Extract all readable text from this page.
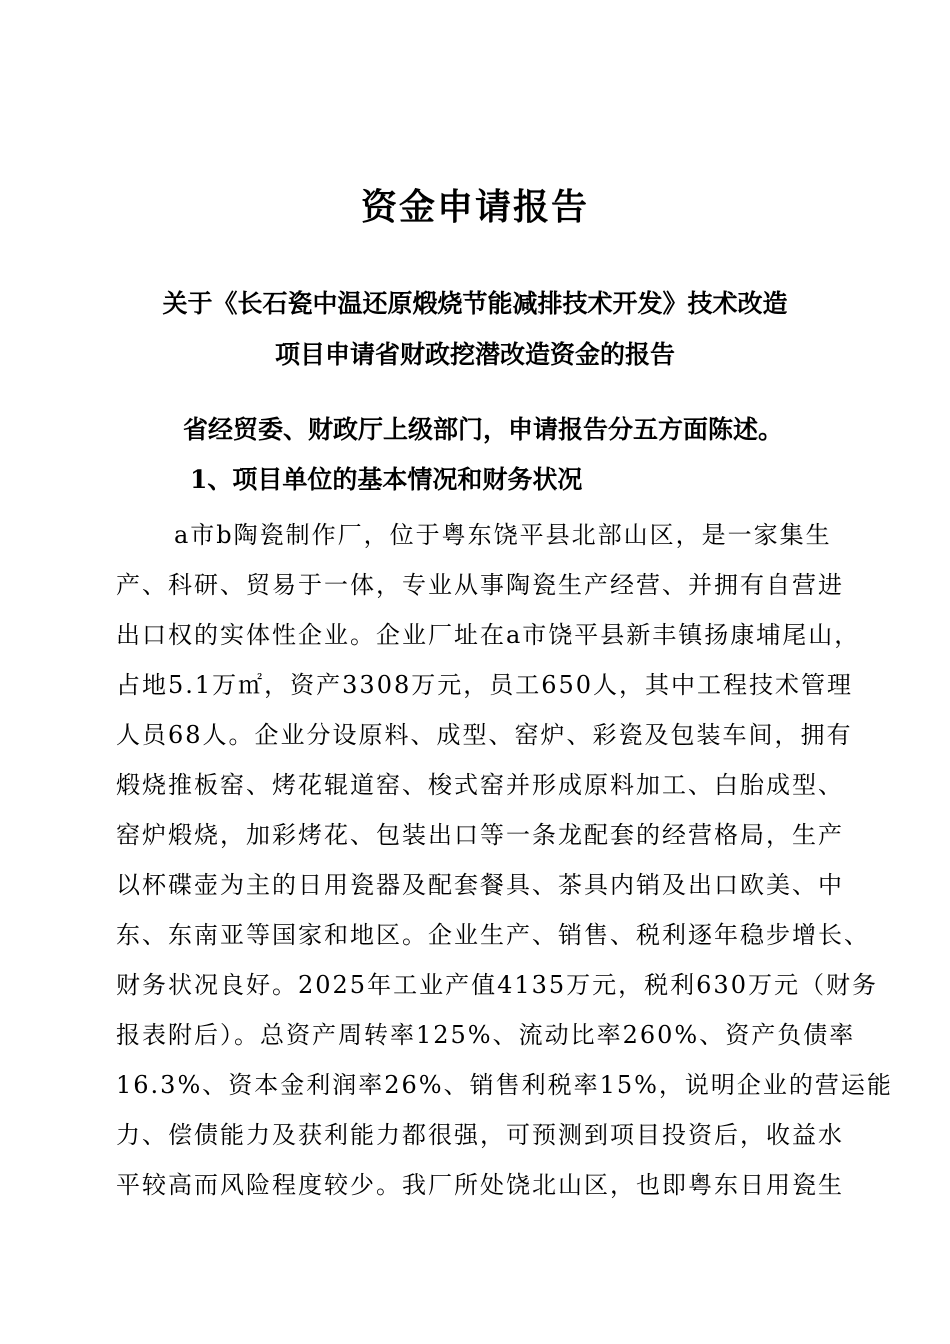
资金申请报告

关于《长石瓷中温还原煅烧节能减排技术开发》技术改造

项目申请省财政挖潜改造资金的报告

省经贸委、财政厅上级部门，申请报告分五方面陈述。

1、项目单位的基本情况和财务状况
a市b陶瓷制作厂，位于粤东饶平县北部山区，是一家集生
产、科研、贸易于一体，专业从事陶瓷生产经营、并拥有自营进
出口权的实体性企业。企业厂址在a市饶平县新丰镇扬康埔尾山，
占地5.1万㎡，资产3308万元，员工650人，其中工程技术管理
人员68人。企业分设原料、成型、窑炉、彩瓷及包装车间，拥有
煅烧推板窑、烤花辊道窑、梭式窑并形成原料加工、白胎成型、
窑炉煅烧，加彩烤花、包装出口等一条龙配套的经营格局，生产
以杯碟壶为主的日用瓷器及配套餐具、茶具内销及出口欧美、中
东、东南亚等国家和地区。企业生产、销售、税利逐年稳步增长、
财务状况良好。2025年工业产值4135万元，税利630万元（财务
报表附后）。总资产周转率125%、流动比率260%、资产负债率
16.3%、资本金利润率26%、销售利税率15%，说明企业的营运能
力、偿债能力及获利能力都很强，可预测到项目投资后，收益水
平较高而风险程度较少。我厂所处饶北山区，也即粤东日用瓷生
